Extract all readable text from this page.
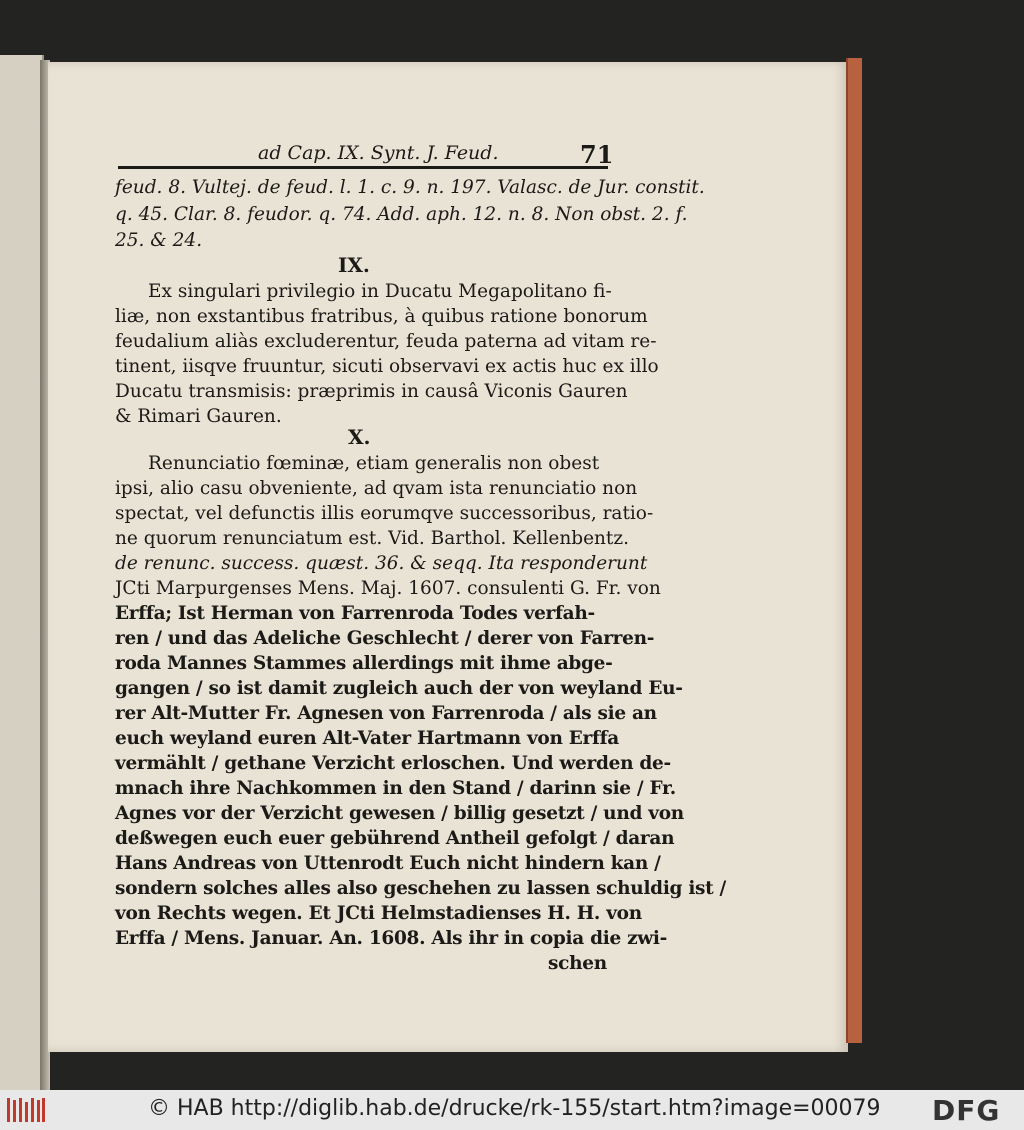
ad Cap. IX. Synt. J. Feud.	71
feud. 8. Vultej. de feud. l. 1. c. 9. n. 197. Valasc. de Jur. constit.
q. 45. Clar. 8. feudor. q. 74. Add. aph. 12. n. 8. Non obst. 2. f.
25. & 24.
IX.
Ex singulari privilegio in Ducatu Megapolitano fi-
liæ, non exstantibus fratribus, à quibus ratione bonorum
feudalium aliàs excluderentur, feuda paterna ad vitam re-
tinent, iisqve fruuntur, sicuti observavi ex actis huc ex illo
Ducatu transmisis: præprimis in causâ Viconis Gauren
& Rimari Gauren.
X.
Renunciatio fœminæ, etiam generalis non obest
ipsi, alio casu obveniente, ad qvam ista renunciatio non
spectat, vel defunctis illis eorumqve successoribus, ratio-
ne quorum renunciatum est. Vid. Barthol. Kellenbentz.
de renunc. success. quæst. 36. & seqq. Ita responderunt
JCti Marpurgenses Mens. Maj. 1607. consulenti G. Fr. von
Erffa; Ist Herman von Farrenroda Todes verfah-
ren / und das Adeliche Geschlecht / derer von Farren-
roda Mannes Stammes allerdings mit ihme abge-
gangen / so ist damit zugleich auch der von weyland Eu-
rer Alt-Mutter Fr. Agnesen von Farrenroda / als sie an
euch weyland euren Alt-Vater Hartmann von Erffa
vermählt / gethane Verzicht erloschen. Und werden de-
mnach ihre Nachkommen in den Stand / darinn sie / Fr.
Agnes vor der Verzicht gewesen / billig gesetzt / und von
deßwegen euch euer gebührend Antheil gefolgt / daran
Hans Andreas von Uttenrodt Euch nicht hindern kan /
sondern solches alles also geschehen zu lassen schuldig ist /
von Rechts wegen. Et JCti Helmstadienses H. H. von
Erffa / Mens. Januar. An. 1608. Als ihr in copia die zwi-
schen
© HAB http://diglib.hab.de/drucke/rk-155/start.htm?image=00079 DFG
